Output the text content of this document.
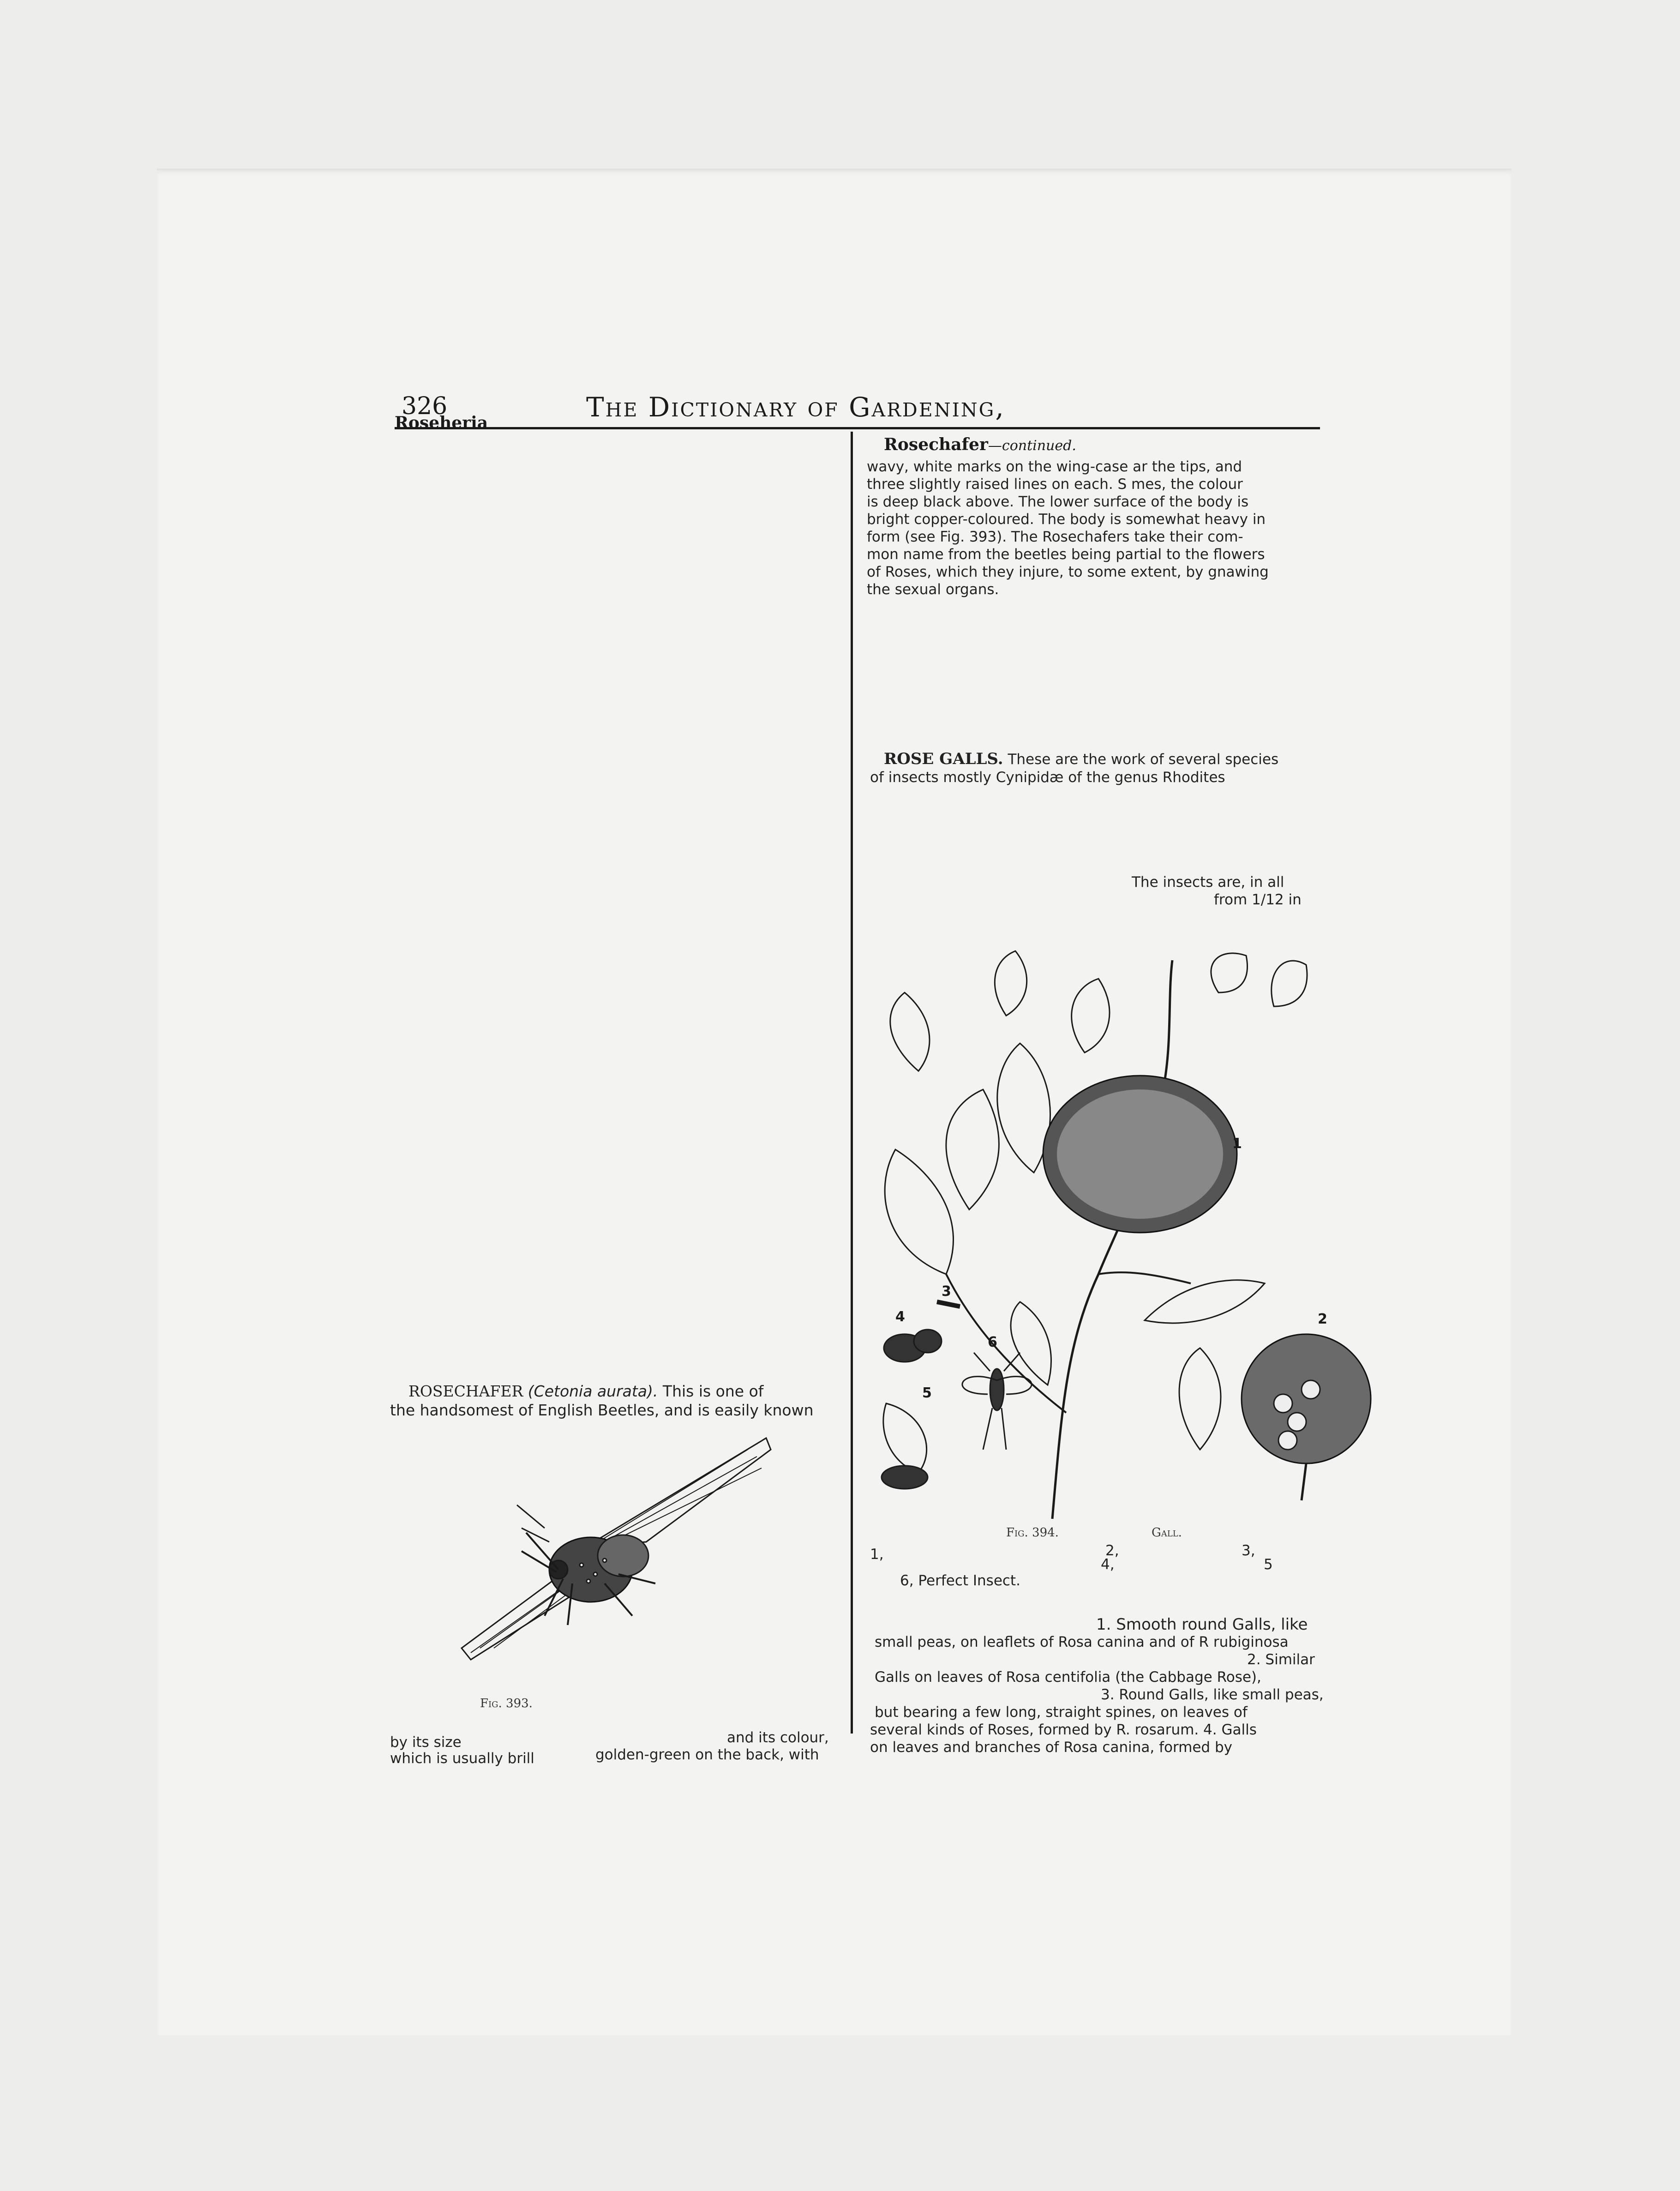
326	The Dictionary of Gardening,
Roseheria
ROSECHAFER (Cetonia aurata). This is one of
the handsomest of English Beetles, and is easily known
Fig. 393.
by its size	and its colour,
which is usually brill	golden-green on the back, with
Rosechafer—continued.
wavy, white marks on the wing-case ar the tips, and
three slightly raised lines on each. S mes, the colour
is deep black above. The lower surface of the body is
bright copper-coloured. The body is somewhat heavy in
form (see Fig. 393). The Rosechafers take their com-
mon name from the beetles being partial to the flowers
of Roses, which they injure, to some extent, by gnawing
the sexual organs.
ROSE GALLS. These are the work of several species
of insects mostly Cynipidæ of the genus Rhodites
The insects are, in all
from 1/12 in
1
2
3
4
5
6
Fig. 394.	Gall.
1,	2,
4,
3,
5
6, Perfect Insect.
1. Smooth round Galls, like
small peas, on leaflets of Rosa canina and of R rubiginosa
2. Similar
Galls on leaves of Rosa centifolia (the Cabbage Rose),
3. Round Galls, like small peas,
but bearing a few long, straight spines, on leaves of
several kinds of Roses, formed by R. rosarum. 4. Galls
on leaves and branches of Rosa canina, formed by
